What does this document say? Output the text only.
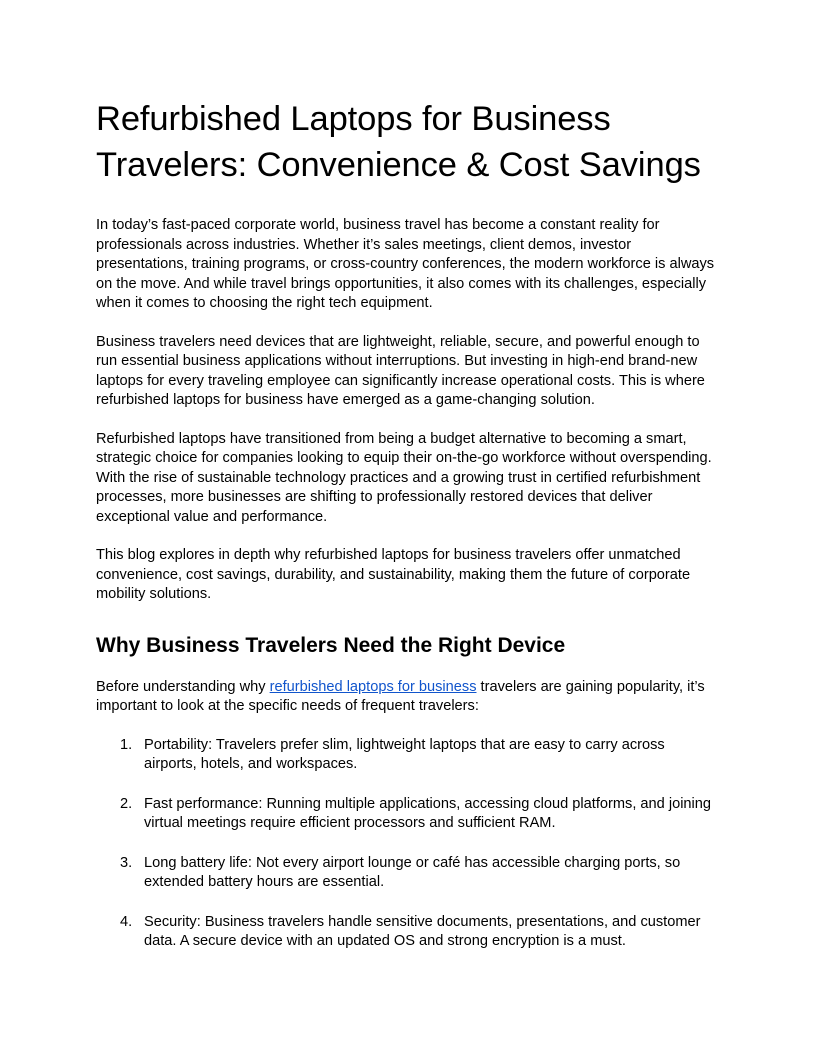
Refurbished Laptops for Business Travelers: Convenience & Cost Savings

In today’s fast-paced corporate world, business travel has become a constant reality for professionals across industries. Whether it’s sales meetings, client demos, investor presentations, training programs, or cross-country conferences, the modern workforce is always on the move. And while travel brings opportunities, it also comes with its challenges, especially when it comes to choosing the right tech equipment.

Business travelers need devices that are lightweight, reliable, secure, and powerful enough to run essential business applications without interruptions. But investing in high-end brand-new laptops for every traveling employee can significantly increase operational costs. This is where refurbished laptops for business have emerged as a game-changing solution.

Refurbished laptops have transitioned from being a budget alternative to becoming a smart, strategic choice for companies looking to equip their on-the-go workforce without overspending. With the rise of sustainable technology practices and a growing trust in certified refurbishment processes, more businesses are shifting to professionally restored devices that deliver exceptional value and performance.

This blog explores in depth why refurbished laptops for business travelers offer unmatched convenience, cost savings, durability, and sustainability, making them the future of corporate mobility solutions.

Why Business Travelers Need the Right Device

Before understanding why refurbished laptops for business travelers are gaining popularity, it’s important to look at the specific needs of frequent travelers:

1. Portability: Travelers prefer slim, lightweight laptops that are easy to carry across airports, hotels, and workspaces.
2. Fast performance: Running multiple applications, accessing cloud platforms, and joining virtual meetings require efficient processors and sufficient RAM.
3. Long battery life: Not every airport lounge or café has accessible charging ports, so extended battery hours are essential.
4. Security: Business travelers handle sensitive documents, presentations, and customer data. A secure device with an updated OS and strong encryption is a must.
